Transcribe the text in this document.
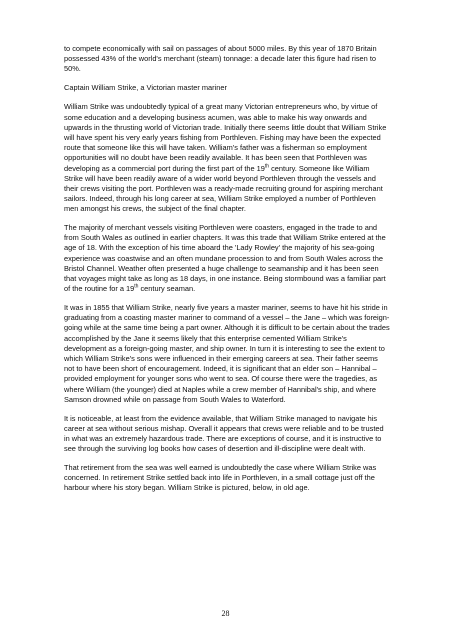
to compete economically with sail on passages of about 5000 miles. By this year of 1870 Britain possessed 43% of the world's merchant (steam) tonnage: a decade later this figure had risen to 50%.

Captain William Strike, a Victorian master mariner

William Strike was undoubtedly typical of a great many Victorian entrepreneurs who, by virtue of some education and a developing business acumen, was able to make his way onwards and upwards in the thrusting world of Victorian trade. Initially there seems little doubt that William Strike will have spent his very early years fishing from Porthleven. Fishing may have been the expected route that someone like this will have taken. William's father was a fisherman so employment opportunities will no doubt have been readily available. It has been seen that Porthleven was developing as a commercial port during the first part of the 19th century. Someone like William Strike will have been readily aware of a wider world beyond Porthleven through the vessels and their crews visiting the port. Porthleven was a ready-made recruiting ground for aspiring merchant sailors. Indeed, through his long career at sea, William Strike employed a number of Porthleven men amongst his crews, the subject of the final chapter.

The majority of merchant vessels visiting Porthleven were coasters, engaged in the trade to and from South Wales as outlined in earlier chapters. It was this trade that William Strike entered at the age of 18. With the exception of his time aboard the 'Lady Rowley' the majority of his sea-going experience was coastwise and an often mundane procession to and from South Wales across the Bristol Channel. Weather often presented a huge challenge to seamanship and it has been seen that voyages might take as long as 18 days, in one instance. Being stormbound was a familiar part of the routine for a 19th century seaman.

It was in 1855 that William Strike, nearly five years a master mariner, seems to have hit his stride in graduating from a coasting master mariner to command of a vessel – the Jane – which was foreign-going while at the same time being a part owner. Although it is difficult to be certain about the trades accomplished by the Jane it seems likely that this enterprise cemented William Strike's development as a foreign-going master, and ship owner. In turn it is interesting to see the extent to which William Strike's sons were influenced in their emerging careers at sea. Their father seems not to have been short of encouragement. Indeed, it is significant that an elder son – Hannibal – provided employment for younger sons who went to sea. Of course there were the tragedies, as where William (the younger) died at Naples while a crew member of Hannibal's ship, and where Samson drowned while on passage from South Wales to Waterford.

It is noticeable, at least from the evidence available, that William Strike managed to navigate his career at sea without serious mishap. Overall it appears that crews were reliable and to be trusted in what was an extremely hazardous trade. There are exceptions of course, and it is instructive to see through the surviving log books how cases of desertion and ill-discipline were dealt with.

That retirement from the sea was well earned is undoubtedly the case where William Strike was concerned. In retirement Strike settled back into life in Porthleven, in a small cottage just off the harbour where his story began. William Strike is pictured, below, in old age.

28
